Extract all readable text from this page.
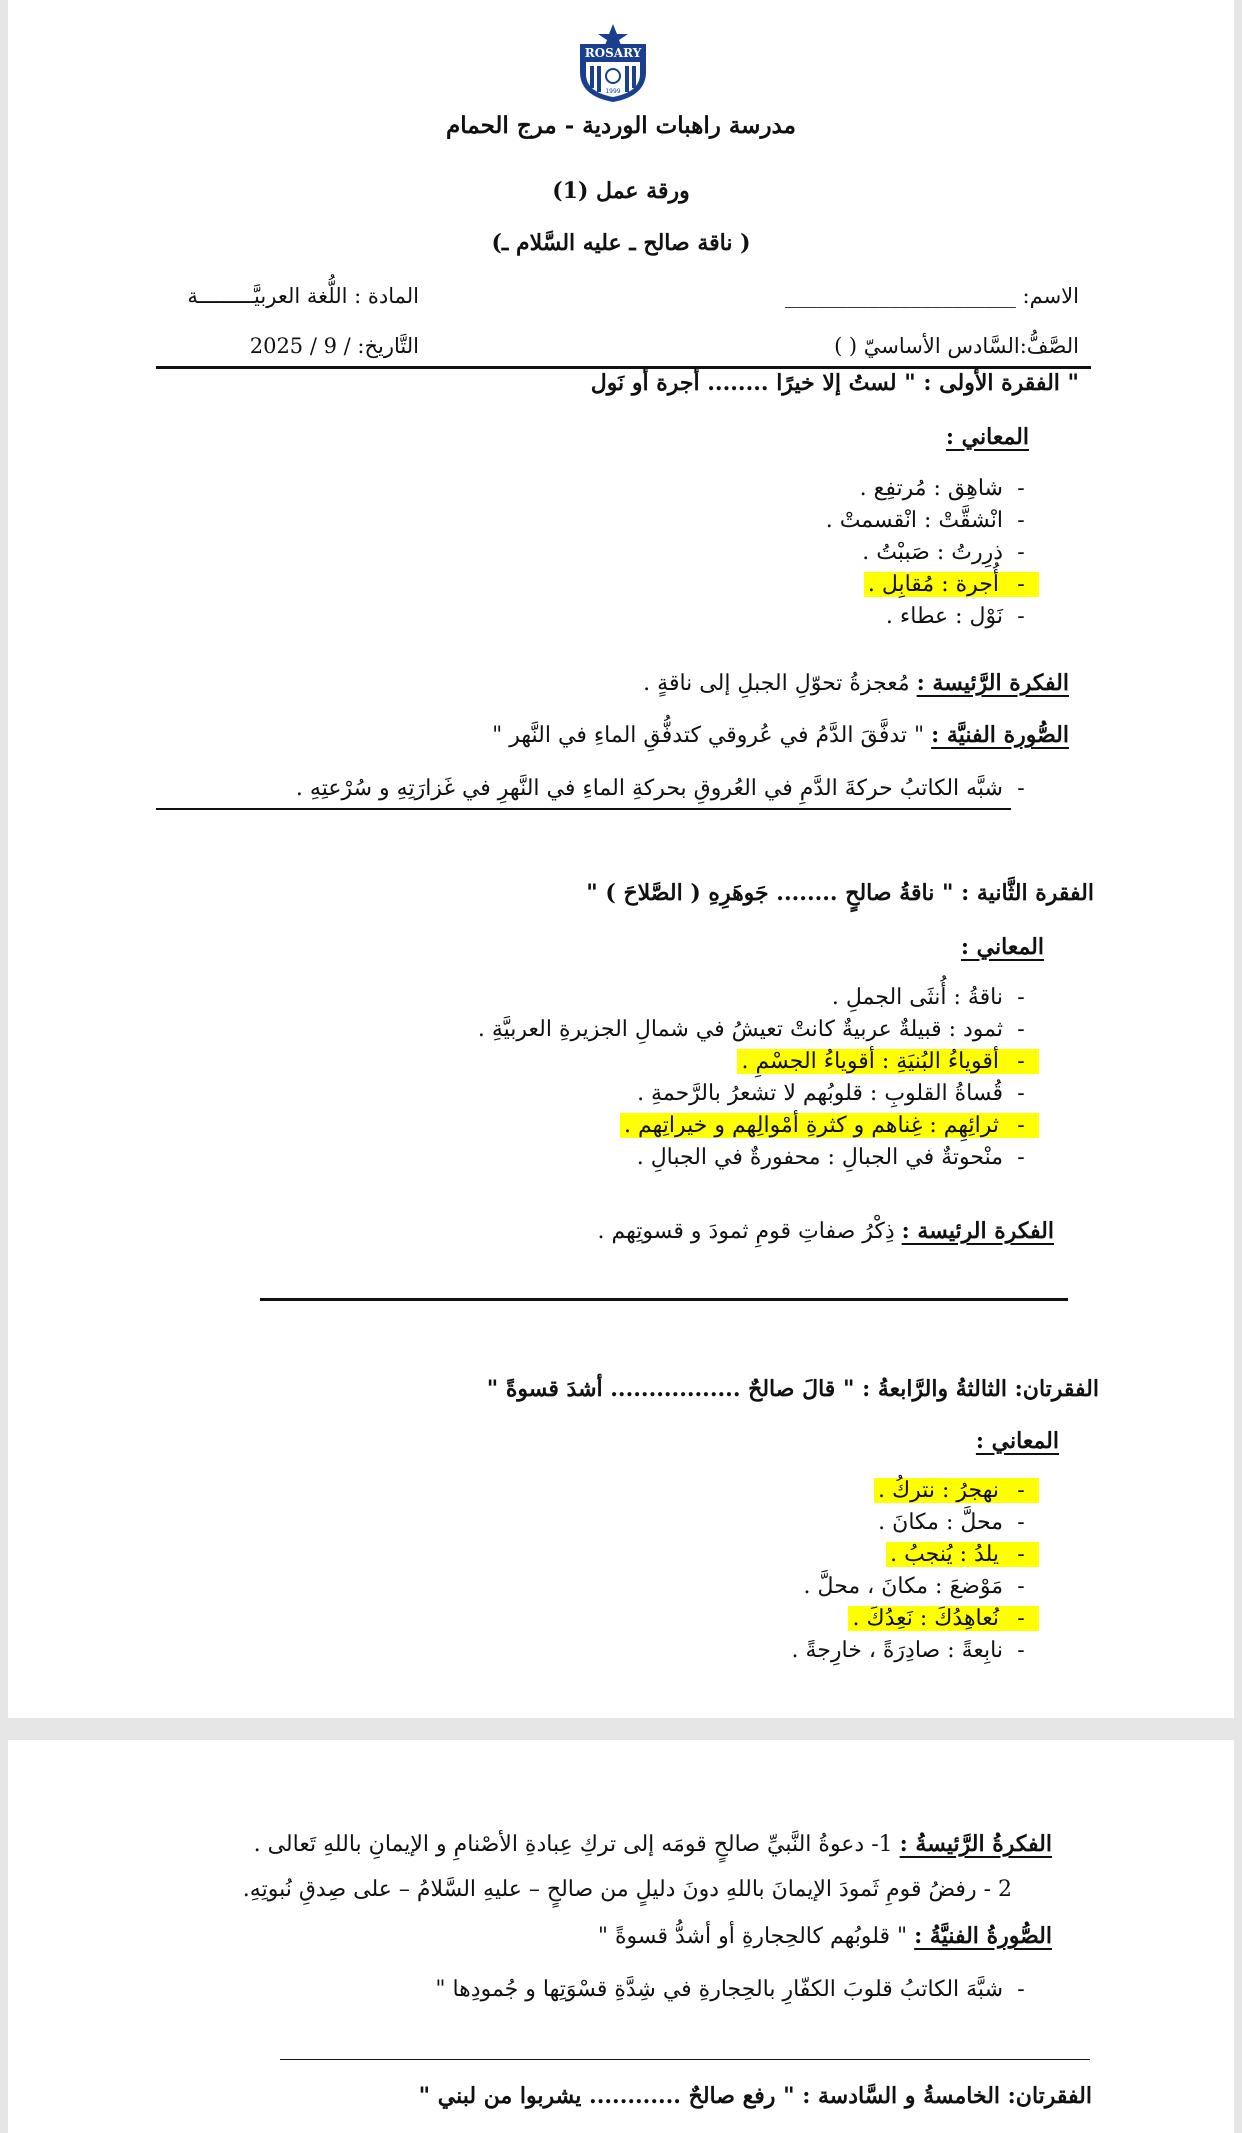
ROSARY
1999
مدرسة راهبات الوردية - مرج الحمام
ورقة عمل (1)
( ناقة صالح ـ عليه السَّلام ـ)
الاسم: ______________________
المادة : اللُّغة العربيَّـــــــــة
الصَّفُّ:السَّادس الأساسيّ ( )
التَّاريخ: / 9 / 2025
" الفقرة الأولى : " لستُ إلا خيرًا ........ أجرة أو نَول
المعاني :
-شاهِق : مُرتفِع .
-انْشقَّتْ : انْقسمتْ .
-ذرِرتُ : صَببْتُ .
-أُجرة : مُقابِل .
-نَوْل : عطاء .
الفكرة الرَّئيسة : مُعجزةُ تحوّلِ الجبلِ إلى ناقةٍ .
الصُّورة الفنيَّة : " تدفَّقَ الدَّمُ في عُروقي كتدفُّقِ الماءِ في النَّهر "
-شبَّه الكاتبُ حركةَ الدَّمِ في العُروقِ بحركةِ الماءِ في النَّهرِ في غَزارَتِهِ و سُرْعتِهِ .
الفقرة الثَّانية : " ناقةُ صالحٍ ........ جَوهَرِهِ ( الصَّلاحَ ) "
المعاني :
-ناقةُ : أُنثَى الجملِ .
-ثمود : قبيلةٌ عربيةٌ كانتْ تعيشُ في شمالِ الجزيرةِ العربيَّةِ .
-أقوياءُ البُنيَةِ : أقوياءُ الجسْمِ .
-قُساةُ القلوبِ : قلوبُهم لا تشعرُ بالرَّحمةِ .
-ثرائِهِم : غِناهم و كثرةِ أمْوالِهم و خيراتِهم .
-منْحوتةٌ في الجبالِ : محفورةٌ في الجبالِ .
الفكرة الرئيسة : ذِكْرُ صفاتِ قومِ ثمودَ و قسوتِهم .
الفقرتان: الثالثةُ والرَّابعةُ : " قالَ صالحٌ ................. أشدَ قسوةً "
المعاني :
-نهجرُ : نتركُ .
-محلَّ : مكانَ .
-يلدُ : يُنجبُ .
-مَوْضعَ : مكانَ ، محلَّ .
-نُعاهِدُكَ : نَعِدُكَ .
-نابِعةً : صادِرَةً ، خارِجةً .
الفكرةُ الرَّئيسةُ : 1- دعوةُ النَّبيِّ صالحٍ قومَه إلى تركِ عِبادةِ الأصْنامِ و الإيمانِ باللهِ تَعالى .
2 - رفضُ قومِ ثَمودَ الإيمانَ باللهِ دونَ دليلٍ من صالحٍ – عليهِ السَّلامُ – على صِدقِ نُبوتِهِ.
الصُّورةُ الفنيَّةُ : " قلوبُهم كالحِجارةِ أو أشدُّ قسوةً "
-شبَّهَ الكاتبُ قلوبَ الكفّارِ بالحِجارةِ في شِدَّةِ قسْوَتِها و جُمودِها "
الفقرتان: الخامسةُ و السَّادسة : " رفع صالحٌ ............ يشربوا من لبني "
